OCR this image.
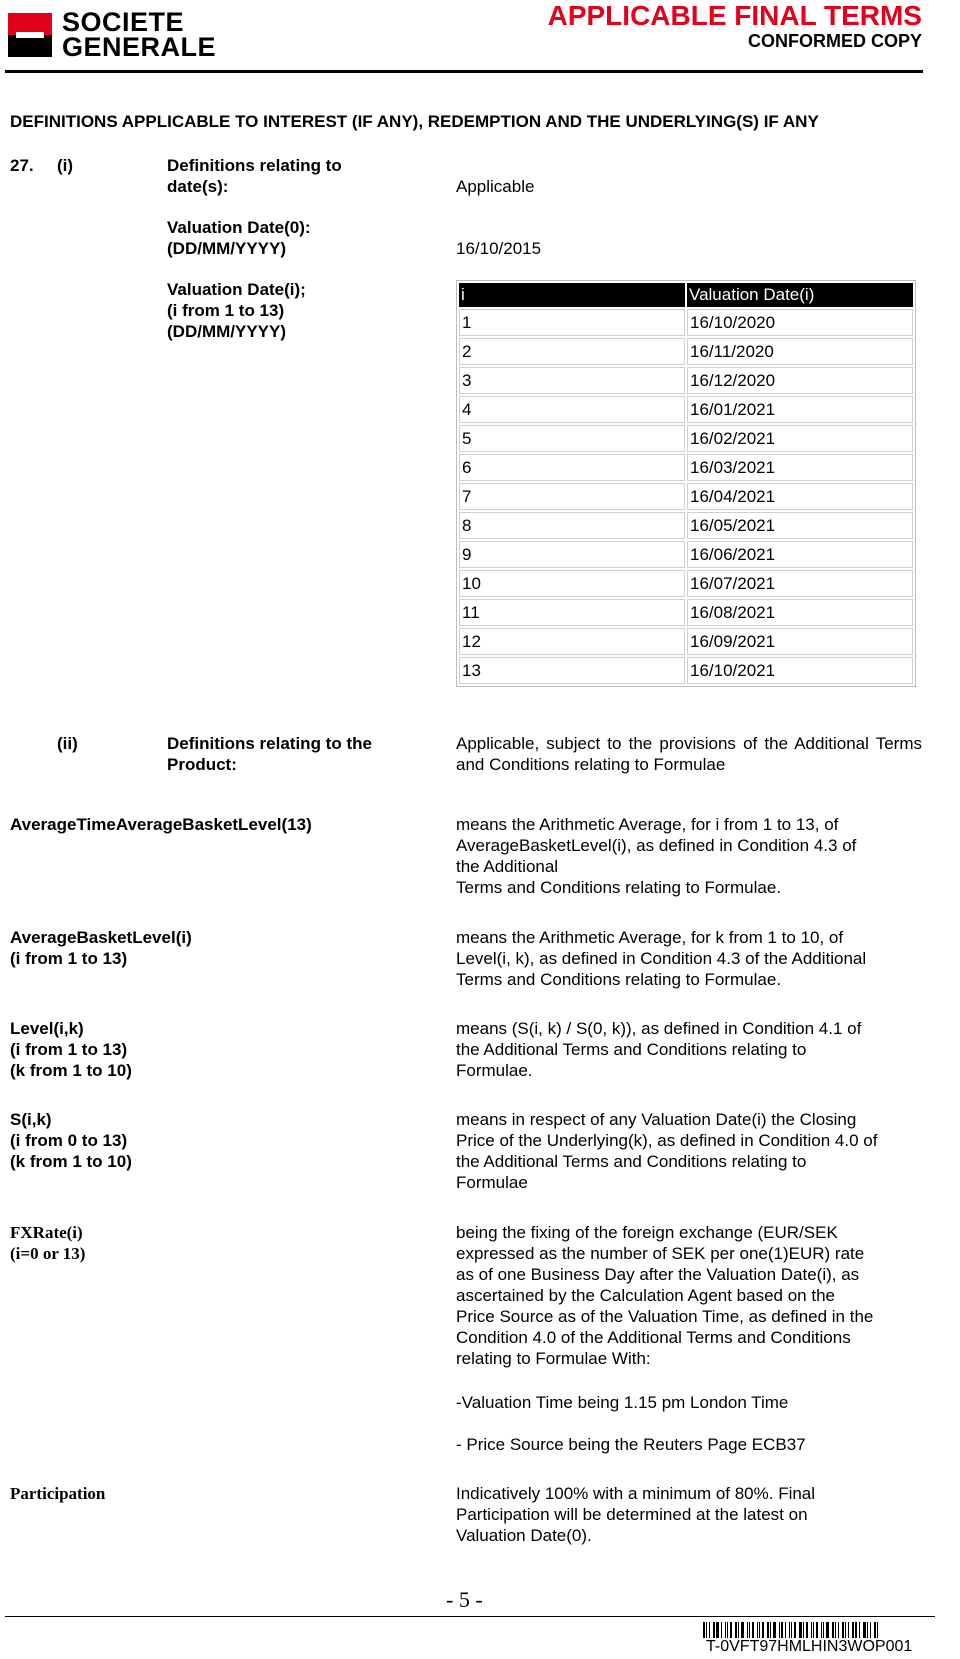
SOCIETE
GENERALE
APPLICABLE FINAL TERMS
CONFORMED COPY
DEFINITIONS APPLICABLE TO INTEREST (IF ANY), REDEMPTION AND THE UNDERLYING(S) IF ANY
27. (i)	Definitions relating to
date(s):	Applicable
Valuation Date(0):
(DD/MM/YYYY)	16/10/2015
Valuation Date(i);
(i from 1 to 13)
(DD/MM/YYYY)
i	Valuation Date(i)
1	16/10/2020
2	16/11/2020
3	16/12/2020
4	16/01/2021
5	16/02/2021
6	16/03/2021
7	16/04/2021
8	16/05/2021
9	16/06/2021
10	16/07/2021
11	16/08/2021
12	16/09/2021
13	16/10/2021
(ii)	Definitions relating to the
Product:
Applicable, subject to the provisions of the Additional Terms and Conditions relating to Formulae
AverageTimeAverageBasketLevel(13)	means the Arithmetic Average, for i from 1 to 13, of
AverageBasketLevel(i), as defined in Condition 4.3 of
the Additional
Terms and Conditions relating to Formulae.
AverageBasketLevel(i)
(i from 1 to 13)
means the Arithmetic Average, for k from 1 to 10, of
Level(i, k), as defined in Condition 4.3 of the Additional
Terms and Conditions relating to Formulae.
Level(i,k)
(i from 1 to 13)
(k from 1 to 10)
means (S(i, k) / S(0, k)), as defined in Condition 4.1 of
the Additional Terms and Conditions relating to
Formulae.
S(i,k)
(i from 0 to 13)
(k from 1 to 10)
means in respect of any Valuation Date(i) the Closing
Price of the Underlying(k), as defined in Condition 4.0 of
the Additional Terms and Conditions relating to
Formulae
FXRate(i)
(i=0 or 13)
being the fixing of the foreign exchange (EUR/SEK
expressed as the number of SEK per one(1)EUR) rate
as of one Business Day after the Valuation Date(i), as
ascertained by the Calculation Agent based on the
Price Source as of the Valuation Time, as defined in the
Condition 4.0 of the Additional Terms and Conditions
relating to Formulae With:
-Valuation Time being 1.15 pm London Time
- Price Source being the Reuters Page ECB37
Participation	Indicatively 100% with a minimum of 80%. Final
Participation will be determined at the latest on
Valuation Date(0).
- 5 -
T-0VFT97HMLHIN3WOP001
